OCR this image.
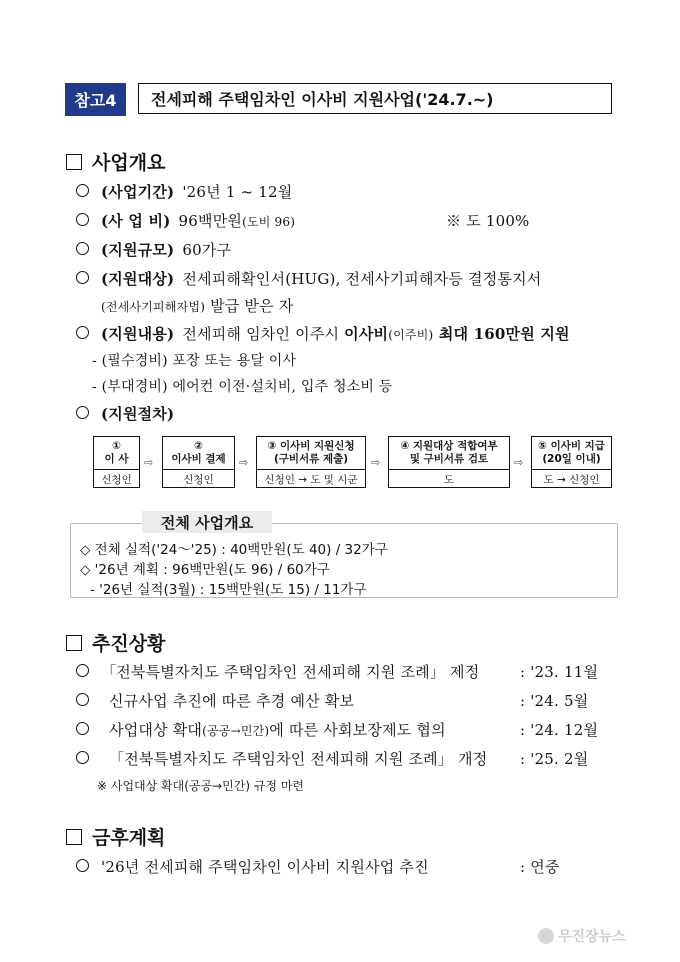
참고4	전세피해 주택임차인 이사비 지원사업('24.7.~)
사업개요
(사업기간) '26년 1 ~ 12월
(사 업 비) 96백만원(도비 96)	※ 도 100%
(지원규모) 60가구
(지원대상) 전세피해확인서(HUG), 전세사기피해자등 결정통지서
(전세사기피해자법) 발급 받은 자
(지원내용) 전세피해 임차인 이주시 이사비(이주비) 최대 160만원 지원
- (필수경비) 포장 또는 용달 이사
- (부대경비) 에어컨 이전·설치비, 입주 청소비 등
(지원절차)
①
이 사
신청인
⇨
②
이사비 결제
신청인
⇨
③ 이사비 지원신청
(구비서류 제출)
신청인 → 도 및 시군
⇨
④ 지원대상 적합여부
및 구비서류 검토
도
⇨
⑤ 이사비 지급
(20일 이내)
도 → 신청인
전체 사업개요
◇ 전체 실적('24～'25) : 40백만원(도 40) / 32가구
◇ '26년 계획 : 96백만원(도 96) / 60가구
- '26년 실적(3월) : 15백만원(도 15) / 11가구
추진상황
「전북특별자치도 주택임차인 전세피해 지원 조례」 제정	: '23. 11월
신규사업 추진에 따른 추경 예산 확보	: '24. 5월
사업대상 확대(공공→민간)에 따른 사회보장제도 협의	: '24. 12월
「전북특별자치도 주택임차인 전세피해 지원 조례」 개정 : '25. 2월
※ 사업대상 확대(공공→민간) 규정 마련
금후계획
'26년 전세피해 주택임차인 이사비 지원사업 추진	: 연중
무진장뉴스
